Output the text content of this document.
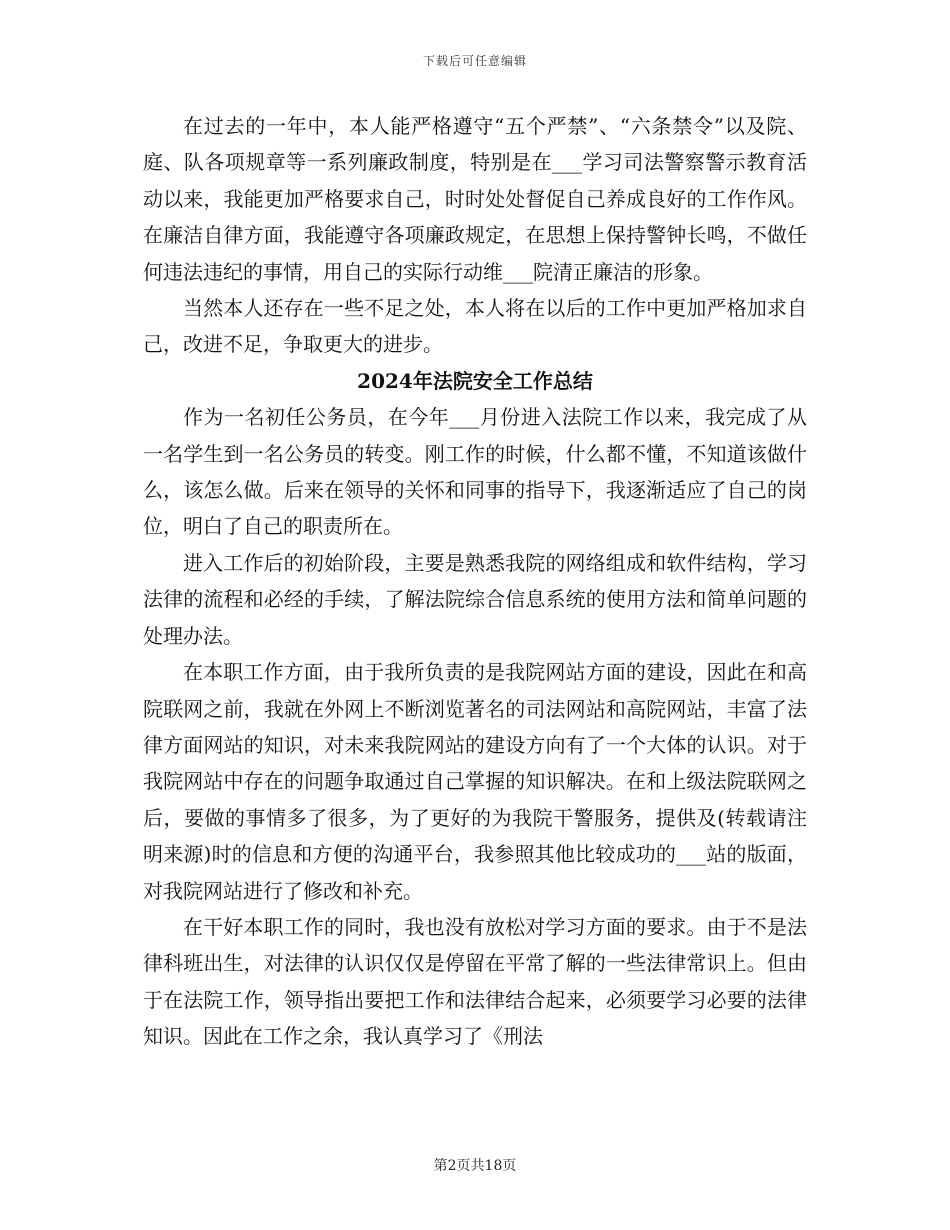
下载后可任意编辑

在过去的一年中，本人能严格遵守“五个严禁”、“六条禁令”以及院、庭、队各项规章等一系列廉政制度，特别是在___学习司法警察警示教育活动以来，我能更加严格要求自己，时时处处督促自己养成良好的工作作风。在廉洁自律方面，我能遵守各项廉政规定，在思想上保持警钟长鸣，不做任何违法违纪的事情，用自己的实际行动维___院清正廉洁的形象。

当然本人还存在一些不足之处，本人将在以后的工作中更加严格加求自己，改进不足，争取更大的进步。

2024年法院安全工作总结

作为一名初任公务员，在今年___月份进入法院工作以来，我完成了从一名学生到一名公务员的转变。刚工作的时候，什么都不懂，不知道该做什么，该怎么做。后来在领导的关怀和同事的指导下，我逐渐适应了自己的岗位，明白了自己的职责所在。

进入工作后的初始阶段，主要是熟悉我院的网络组成和软件结构，学习法律的流程和必经的手续，了解法院综合信息系统的使用方法和简单问题的处理办法。

在本职工作方面，由于我所负责的是我院网站方面的建设，因此在和高院联网之前，我就在外网上不断浏览著名的司法网站和高院网站，丰富了法律方面网站的知识，对未来我院网站的建设方向有了一个大体的认识。对于我院网站中存在的问题争取通过自己掌握的知识解决。在和上级法院联网之后，要做的事情多了很多，为了更好的为我院干警服务，提供及(转载请注明来源)时的信息和方便的沟通平台，我参照其他比较成功的___站的版面，对我院网站进行了修改和补充。

在干好本职工作的同时，我也没有放松对学习方面的要求。由于不是法律科班出生，对法律的认识仅仅是停留在平常了解的一些法律常识上。但由于在法院工作，领导指出要把工作和法律结合起来，必须要学习必要的法律知识。因此在工作之余，我认真学习了《刑法

第2页共18页
